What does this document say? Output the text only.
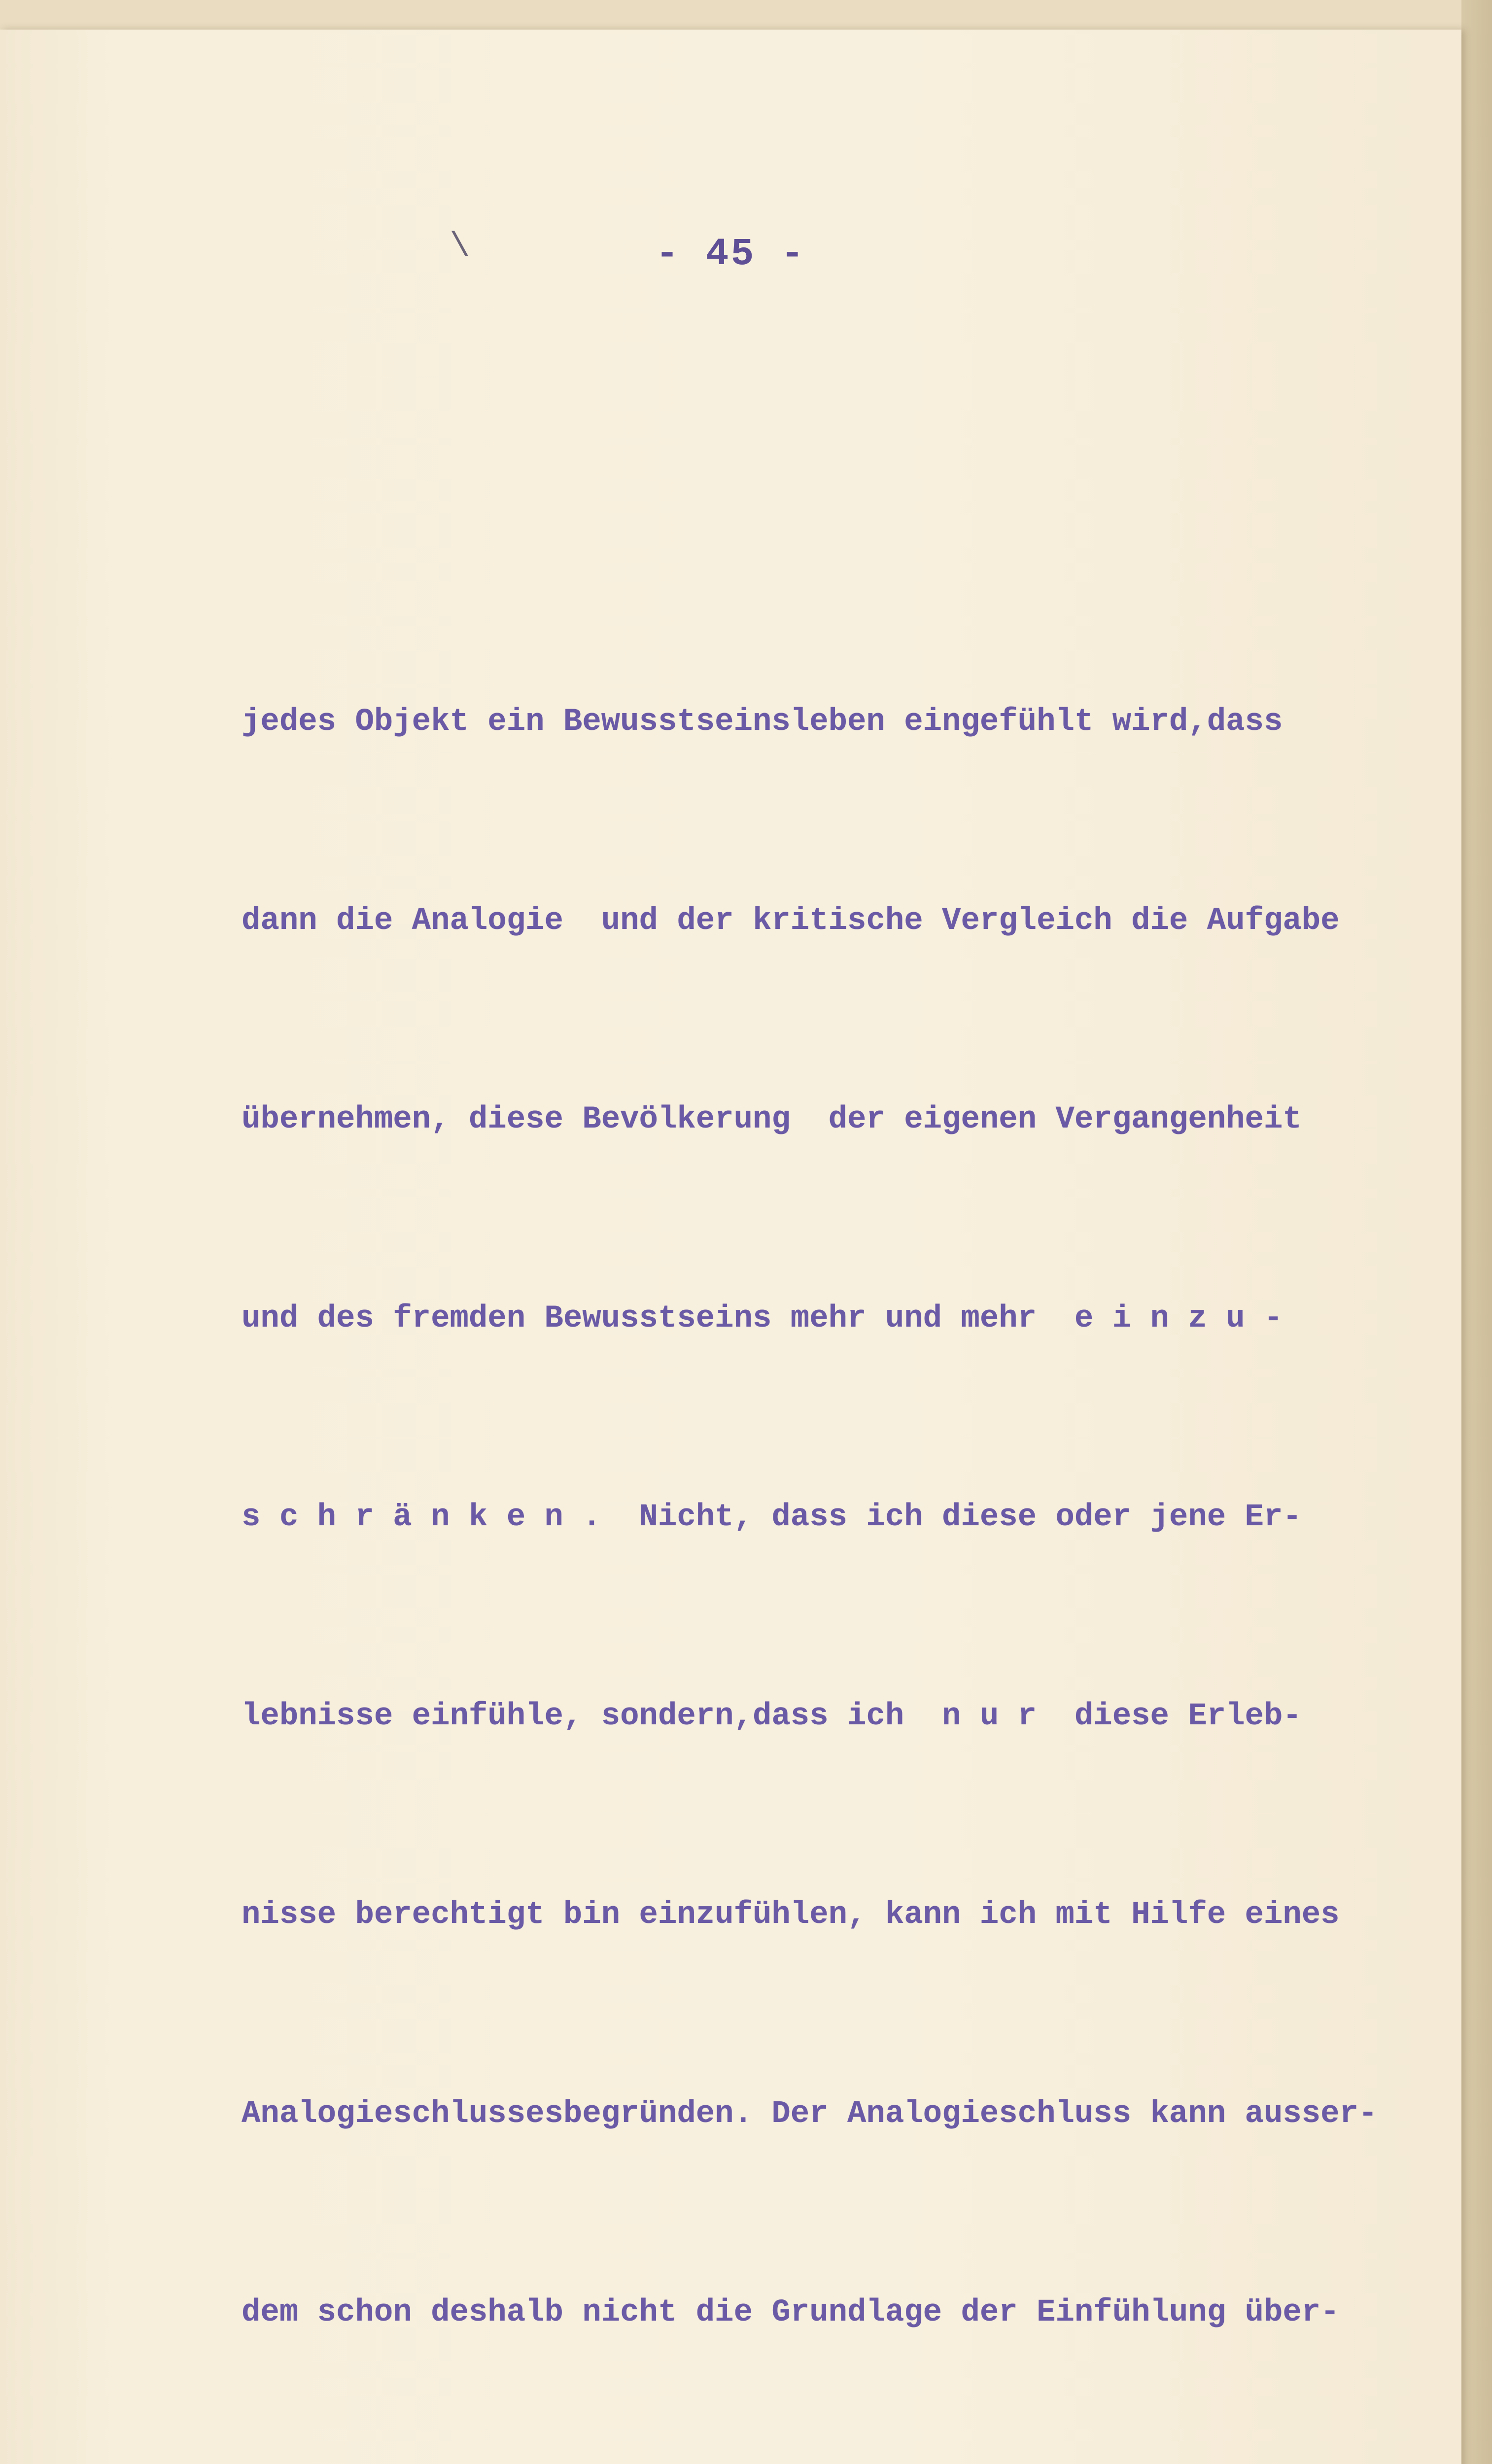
\	- 45 -

jedes Objekt ein Bewusstseinsleben eingefühlt wird,dass

dann die Analogie  und der kritische Vergleich die Aufgabe

übernehmen, diese Bevölkerung  der eigenen Vergangenheit

und des fremden Bewusstseins mehr und mehr  e i n z u -

s c h r ä n k e n .  Nicht, dass ich diese oder jene Er-

lebnisse einfühle, sondern,dass ich  n u r  diese Erleb-

nisse berechtigt bin einzufühlen, kann ich mit Hilfe eines

Analogieschlussesbegründen. Der Analogieschluss kann ausser-

dem schon deshalb nicht die Grundlage der Einfühlung über-
